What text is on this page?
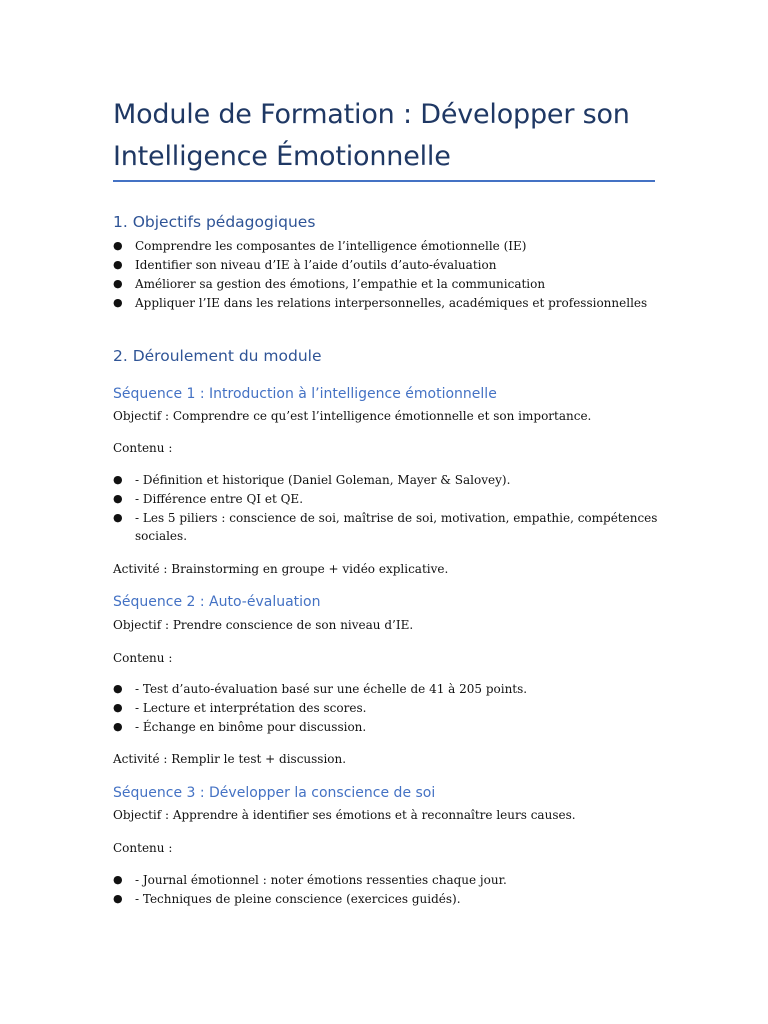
Module de Formation : Développer son
Intelligence Émotionnelle
1. Objectifs pédagogiques
● Comprendre les composantes de l’intelligence émotionnelle (IE)
● Identifier son niveau d’IE à l’aide d’outils d’auto-évaluation
● Améliorer sa gestion des émotions, l’empathie et la communication
● Appliquer l’IE dans les relations interpersonnelles, académiques et professionnelles
2. Déroulement du module
Séquence 1 : Introduction à l’intelligence émotionnelle
Objectif : Comprendre ce qu’est l’intelligence émotionnelle et son importance.
Contenu :
● - Définition et historique (Daniel Goleman, Mayer & Salovey).
● - Différence entre QI et QE.
● - Les 5 piliers : conscience de soi, maîtrise de soi, motivation, empathie, compétences sociales.
Activité : Brainstorming en groupe + vidéo explicative.
Séquence 2 : Auto-évaluation
Objectif : Prendre conscience de son niveau d’IE.
Contenu :
● - Test d’auto-évaluation basé sur une échelle de 41 à 205 points.
● - Lecture et interprétation des scores.
● - Échange en binôme pour discussion.
Activité : Remplir le test + discussion.
Séquence 3 : Développer la conscience de soi
Objectif : Apprendre à identifier ses émotions et à reconnaître leurs causes.
Contenu :
● - Journal émotionnel : noter émotions ressenties chaque jour.
● - Techniques de pleine conscience (exercices guidés).
